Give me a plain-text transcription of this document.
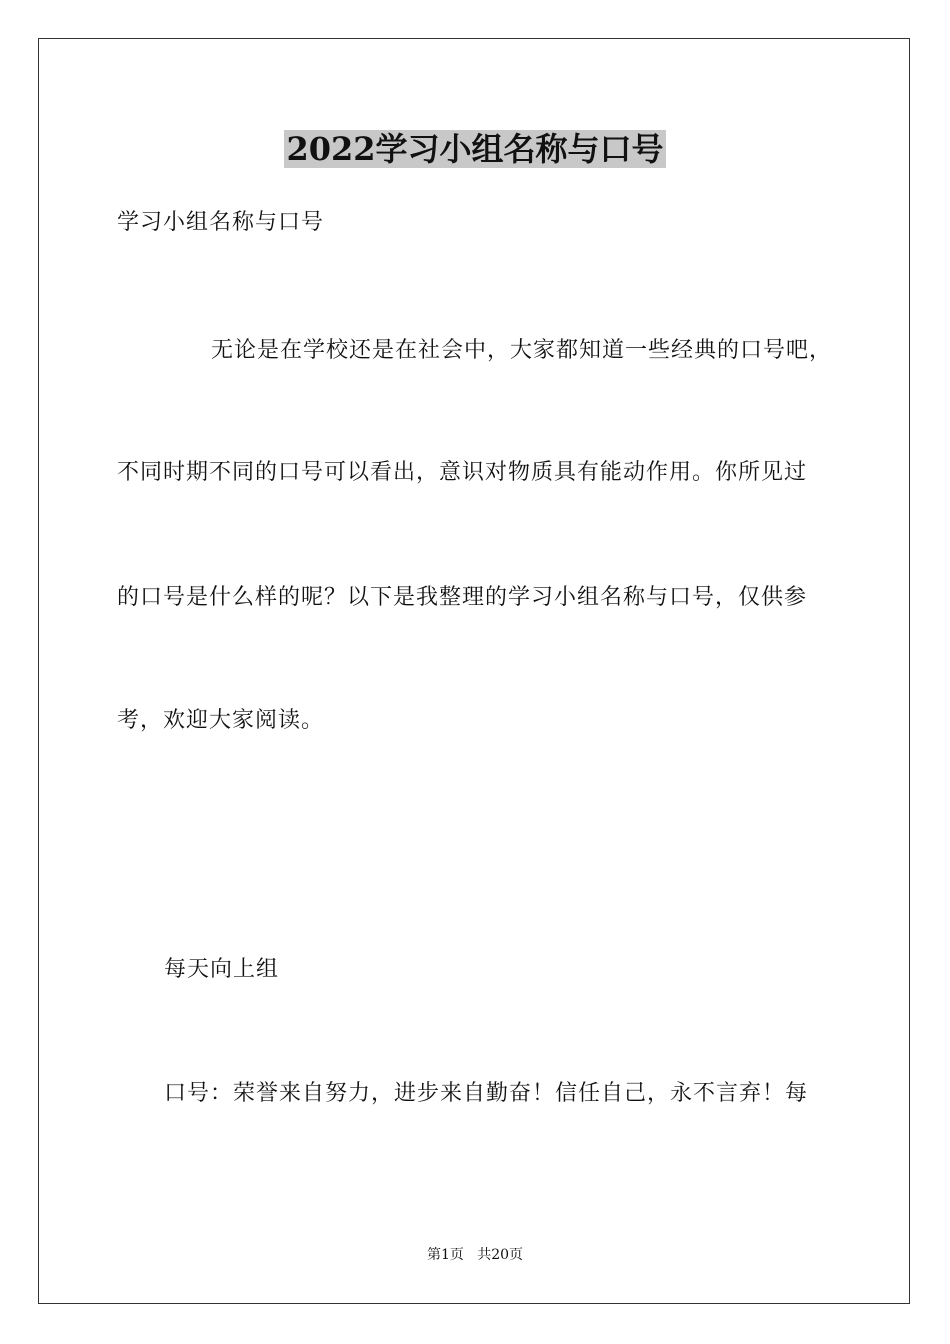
2022学习小组名称与口号
学习小组名称与口号
无论是在学校还是在社会中，大家都知道一些经典的口号吧，
不同时期不同的口号可以看出，意识对物质具有能动作用。你所见过
的口号是什么样的呢？以下是我整理的学习小组名称与口号，仅供参
考，欢迎大家阅读。
每天向上组
口号：荣誉来自努力，进步来自勤奋！信任自己，永不言弃！每
第1页   共20页
